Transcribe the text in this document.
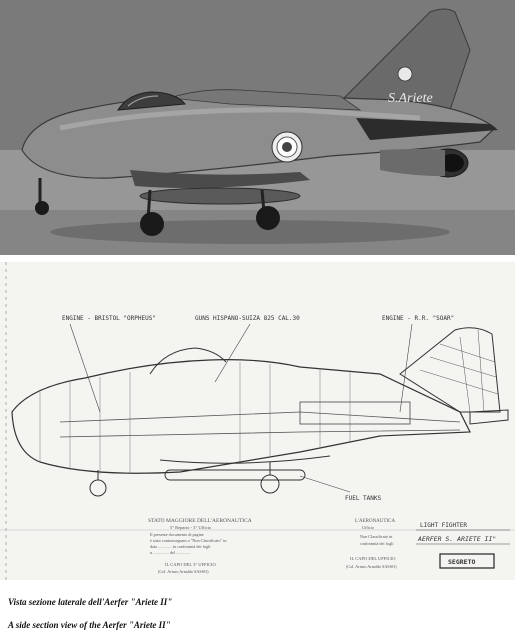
S.Ariete
ENGINE - BRISTOL "ORPHEUS"	GUNS HISPANO-SUIZA 825 CAL.30	ENGINE - R.R. "SOAR"
FUEL TANKS
STATO MAGGIORE DELL'AERONAUTICA
5° Reparto - 3° Ufficio
Il presente documento di pagine
è stato contrassegnato a "Non Classificato" in
data ............. in conformità dei fogli
n. .............. del .............
IL CAPO DEL 3° UFFICIO
(Col. Arturo Arnaldo SASSO)
L'AERONAUTICA
Ufficio
Non Classificato in
conformità dei fogli
IL CAPO DEL UFFICIO
(Col. Arturo Arnaldo SASSO)
LIGHT FIGHTER
AERFER S. ARIETE II"
SEGRETO
Vista sezione laterale dell'Aerfer "Ariete II"
A side section view of the Aerfer "Ariete II"
